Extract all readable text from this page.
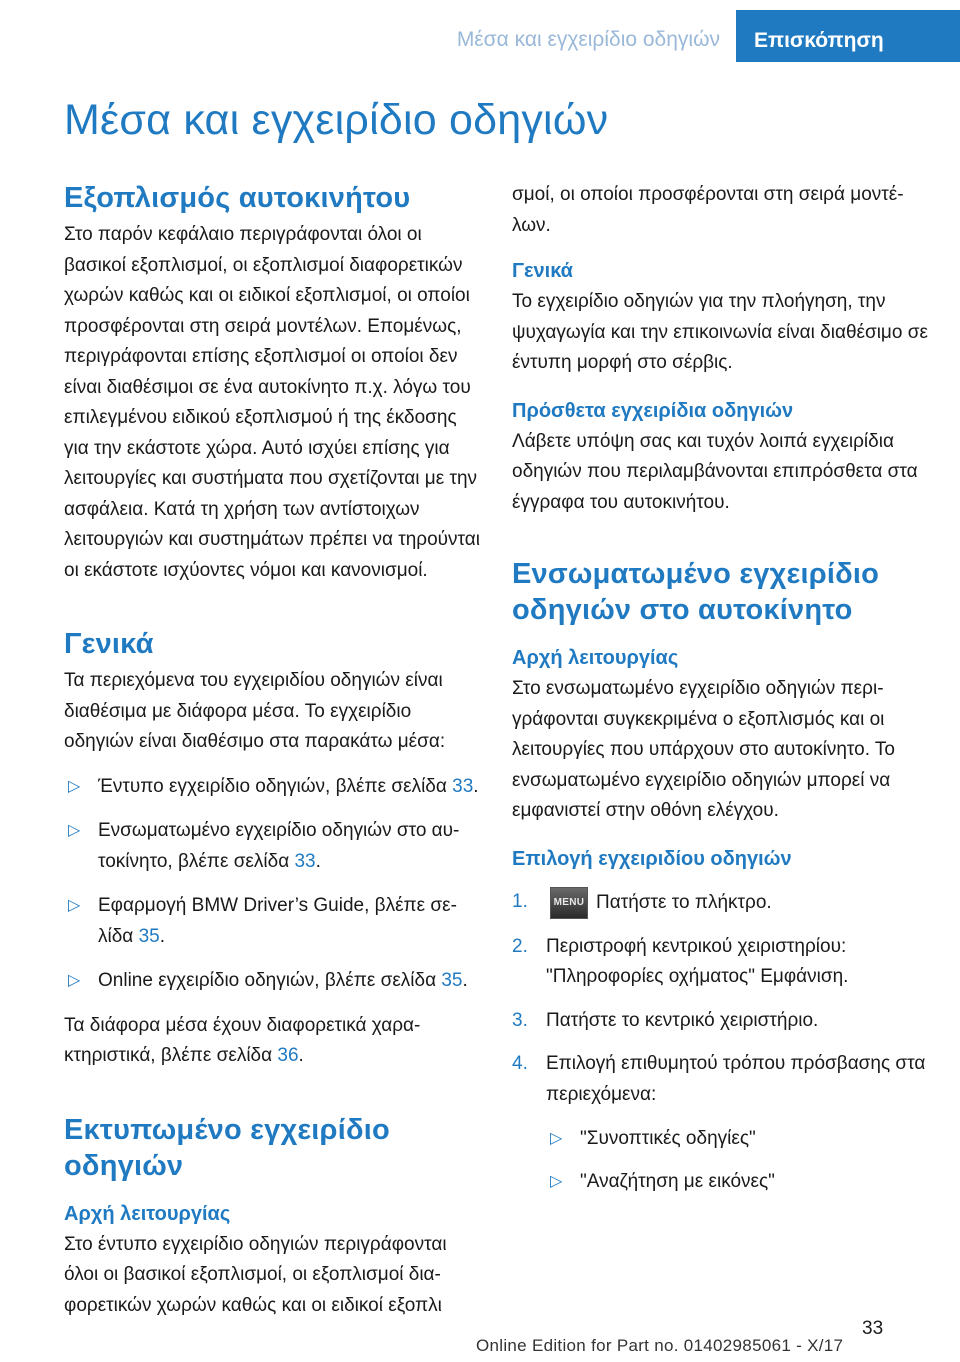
Μέσα και εγχειρίδιο οδηγιών	Επισκόπηση
Μέσα και εγχειρίδιο οδηγιών
Εξοπλισμός αυτοκινήτου
Στο παρόν κεφάλαιο περιγράφονται όλοι οι βασικοί εξοπλισμοί, οι εξοπλισμοί διαφορετικών χωρών καθώς και οι ειδικοί εξοπλισμοί, οι οποίοι προσφέρονται στη σειρά μοντέλων. Επομένως, περιγράφονται επίσης εξοπλισμοί οι οποίοι δεν είναι διαθέσιμοι σε ένα αυτοκίνητο π.χ. λόγω του επιλεγμένου ειδικού εξοπλισμού ή της έκδοσης για την εκάστοτε χώρα. Αυτό ισχύει επίσης για λειτουργίες και συστήματα που σχετίζονται με την ασφάλεια. Κατά τη χρήση των αντίστοιχων λειτουργιών και συστημάτων πρέπει να τηρούνται οι εκάστοτε ισχύοντες νόμοι και κανονισμοί.
Γενικά
Τα περιεχόμενα του εγχειριδίου οδηγιών είναι διαθέσιμα με διάφορα μέσα. Το εγχειρίδιο οδηγιών είναι διαθέσιμο στα παρακάτω μέσα:
▷ Έντυπο εγχειρίδιο οδηγιών, βλέπε σελίδα 33.
▷ Ενσωματωμένο εγχειρίδιο οδηγιών στο αυτοκίνητο, βλέπε σελίδα 33.
▷ Εφαρμογή BMW Driver’s Guide, βλέπε σελίδα 35.
▷ Online εγχειρίδιο οδηγιών, βλέπε σελίδα 35.
Τα διάφορα μέσα έχουν διαφορετικά χαρακτηριστικά, βλέπε σελίδα 36.
Εκτυπωμένο εγχειρίδιο οδηγιών
Αρχή λειτουργίας
Στο έντυπο εγχειρίδιο οδηγιών περιγράφονται όλοι οι βασικοί εξοπλισμοί, οι εξοπλισμοί διαφορετικών χωρών καθώς και οι ειδικοί εξοπλι
σμοί, οι οποίοι προσφέρονται στη σειρά μοντέλων.
Γενικά
Το εγχειρίδιο οδηγιών για την πλοήγηση, την ψυχαγωγία και την επικοινωνία είναι διαθέσιμο σε έντυπη μορφή στο σέρβις.
Πρόσθετα εγχειρίδια οδηγιών
Λάβετε υπόψη σας και τυχόν λοιπά εγχειρίδια οδηγιών που περιλαμβάνονται επιπρόσθετα στα έγγραφα του αυτοκινήτου.
Ενσωματωμένο εγχειρίδιο οδηγιών στο αυτοκίνητο
Αρχή λειτουργίας
Στο ενσωματωμένο εγχειρίδιο οδηγιών περιγράφονται συγκεκριμένα ο εξοπλισμός και οι λειτουργίες που υπάρχουν στο αυτοκίνητο. Το ενσωματωμένο εγχειρίδιο οδηγιών μπορεί να εμφανιστεί στην οθόνη ελέγχου.
Επιλογή εγχειριδίου οδηγιών
1.	MENU Πατήστε το πλήκτρο.
2. Περιστροφή κεντρικού χειριστηρίου: "Πληροφορίες οχήματος" Εμφάνιση.
3. Πατήστε το κεντρικό χειριστήριο.
4. Επιλογή επιθυμητού τρόπου πρόσβασης στα περιεχόμενα:
▷ "Συνοπτικές οδηγίες"
▷ "Αναζήτηση με εικόνες"
33
Online Edition for Part no. 01402985061 - X/17
